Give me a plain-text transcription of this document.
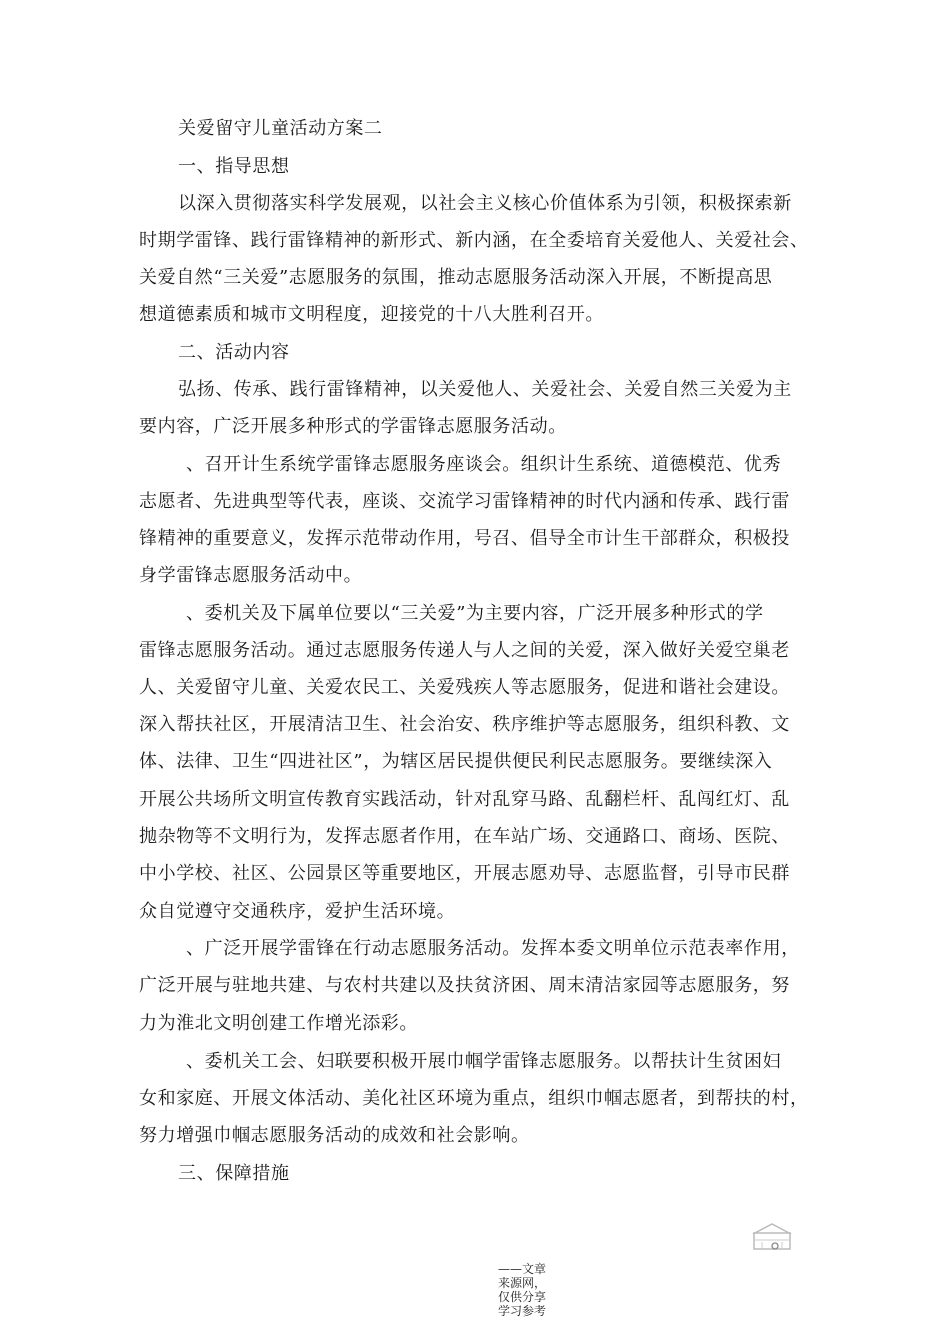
关爱留守儿童活动方案二

一、指导思想

以深入贯彻落实科学发展观，以社会主义核心价值体系为引领，积极探索新

时期学雷锋、践行雷锋精神的新形式、新内涵，在全委培育关爱他人、关爱社会、

关爱自然“三关爱”志愿服务的氛围，推动志愿服务活动深入开展，不断提高思

想道德素质和城市文明程度，迎接党的十八大胜利召开。

二、活动内容

弘扬、传承、践行雷锋精神，以关爱他人、关爱社会、关爱自然三关爱为主

要内容，广泛开展多种形式的学雷锋志愿服务活动。

、召开计生系统学雷锋志愿服务座谈会。组织计生系统、道德模范、优秀

志愿者、先进典型等代表，座谈、交流学习雷锋精神的时代内涵和传承、践行雷

锋精神的重要意义，发挥示范带动作用，号召、倡导全市计生干部群众，积极投

身学雷锋志愿服务活动中。

、委机关及下属单位要以“三关爱”为主要内容，广泛开展多种形式的学

雷锋志愿服务活动。通过志愿服务传递人与人之间的关爱，深入做好关爱空巢老

人、关爱留守儿童、关爱农民工、关爱残疾人等志愿服务，促进和谐社会建设。

深入帮扶社区，开展清洁卫生、社会治安、秩序维护等志愿服务，组织科教、文

体、法律、卫生“四进社区”，为辖区居民提供便民利民志愿服务。要继续深入

开展公共场所文明宣传教育实践活动，针对乱穿马路、乱翻栏杆、乱闯红灯、乱

抛杂物等不文明行为，发挥志愿者作用，在车站广场、交通路口、商场、医院、

中小学校、社区、公园景区等重要地区，开展志愿劝导、志愿监督，引导市民群

众自觉遵守交通秩序，爱护生活环境。

、广泛开展学雷锋在行动志愿服务活动。发挥本委文明单位示范表率作用，

广泛开展与驻地共建、与农村共建以及扶贫济困、周末清洁家园等志愿服务，努

力为淮北文明创建工作增光添彩。

、委机关工会、妇联要积极开展巾帼学雷锋志愿服务。以帮扶计生贫困妇

女和家庭、开展文体活动、美化社区环境为重点，组织巾帼志愿者，到帮扶的村，

努力增强巾帼志愿服务活动的成效和社会影响。

三、保障措施

——文章来源网，仅供分享学习参考
